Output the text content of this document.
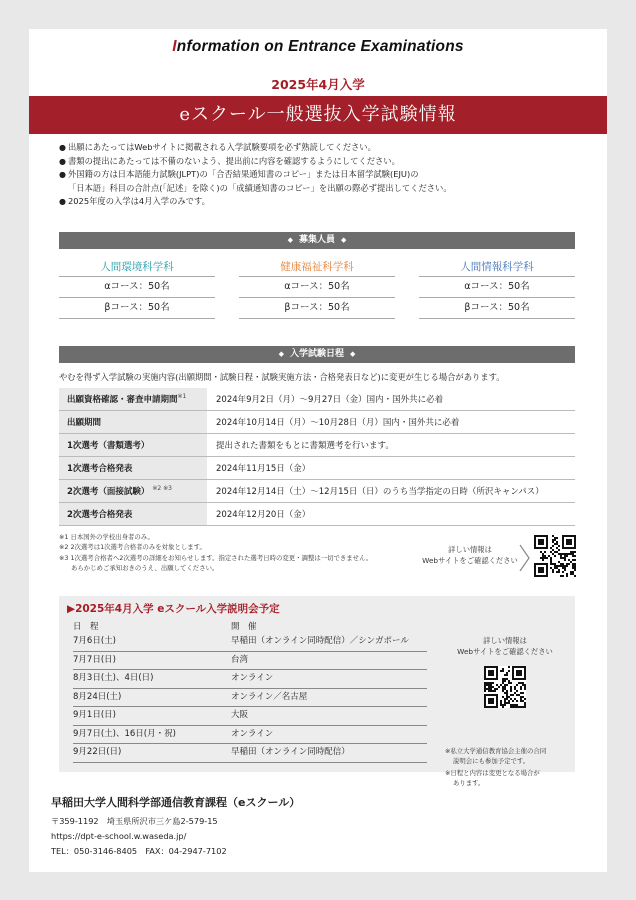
Information on Entrance Examinations
2025年4月入学
eスクール一般選抜入学試験情報
● 出願にあたってはWebサイトに掲載される入学試験要項を必ず熟読してください。
● 書類の提出にあたっては不備のないよう、提出前に内容を確認するようにしてください。
● 外国籍の方は日本語能力試験(JLPT)の「合否結果通知書のコピー」または日本留学試験(EJU)の
「日本語」科目の合計点(「記述」を除く)の「成績通知書のコピー」を出願の際必ず提出してください。
● 2025年度の入学は4月入学のみです。
◆ 募集人員 ◆
人間環境科学科
αコース：50名
βコース：50名
健康福祉科学科
αコース：50名
βコース：50名
人間情報科学科
αコース：50名
βコース：50名
◆ 入学試験日程 ◆
やむを得ず入学試験の実施内容(出願期間・試験日程・試験実施方法・合格発表日など)に変更が生じる場合があります。
出願資格確認・審査申請期間$^{※1}$	2024年9月2日（月）～9月27日（金）国内・国外共に必着
出願期間	2024年10月14日（月）～10月28日（月）国内・国外共に必着
1次選考（書類選考）	提出された書類をもとに書類選考を行います。
1次選考合格発表	2024年11月15日（金）
2次選考（面接試験） $^{※2 ※3}$	2024年12月14日（土）～12月15日（日）のうち当学指定の日時（所沢キャンパス）
2次選考合格発表	2024年12月20日（金）
※1 日本国外の学校出身者のみ。
※2 2次選考は1次選考合格者のみを対象とします。
※3 1次選考合格者へ2次選考の詳細をお知らせします。指定された選考日時の変更・調整は一切できません。
あらかじめご承知おきのうえ、出願してください。
詳しい情報は
Webサイトをご確認ください
▶2025年4月入学 eスクール入学説明会予定
日　程	開　催
7月6日(土)	早稲田（オンライン同時配信）／シンガポール
7月7日(日)	台湾
8月3日(土)、4日(日)	オンライン
8月24日(土)	オンライン／名古屋
9月1日(日)	大阪
9月7日(土)、16日(月・祝)	オンライン
9月22日(日)	早稲田（オンライン同時配信）
詳しい情報は
Webサイトをご確認ください
※私立大学通信教育協会主催の合同
説明会にも参加予定です。
※日程と内容は変更となる場合が
あります。
早稲田大学人間科学部通信教育課程（eスクール）
〒359-1192　埼玉県所沢市三ケ島2-579-15
https://dpt-e-school.w.waseda.jp/
TEL：050-3146-8405　FAX：04-2947-7102
